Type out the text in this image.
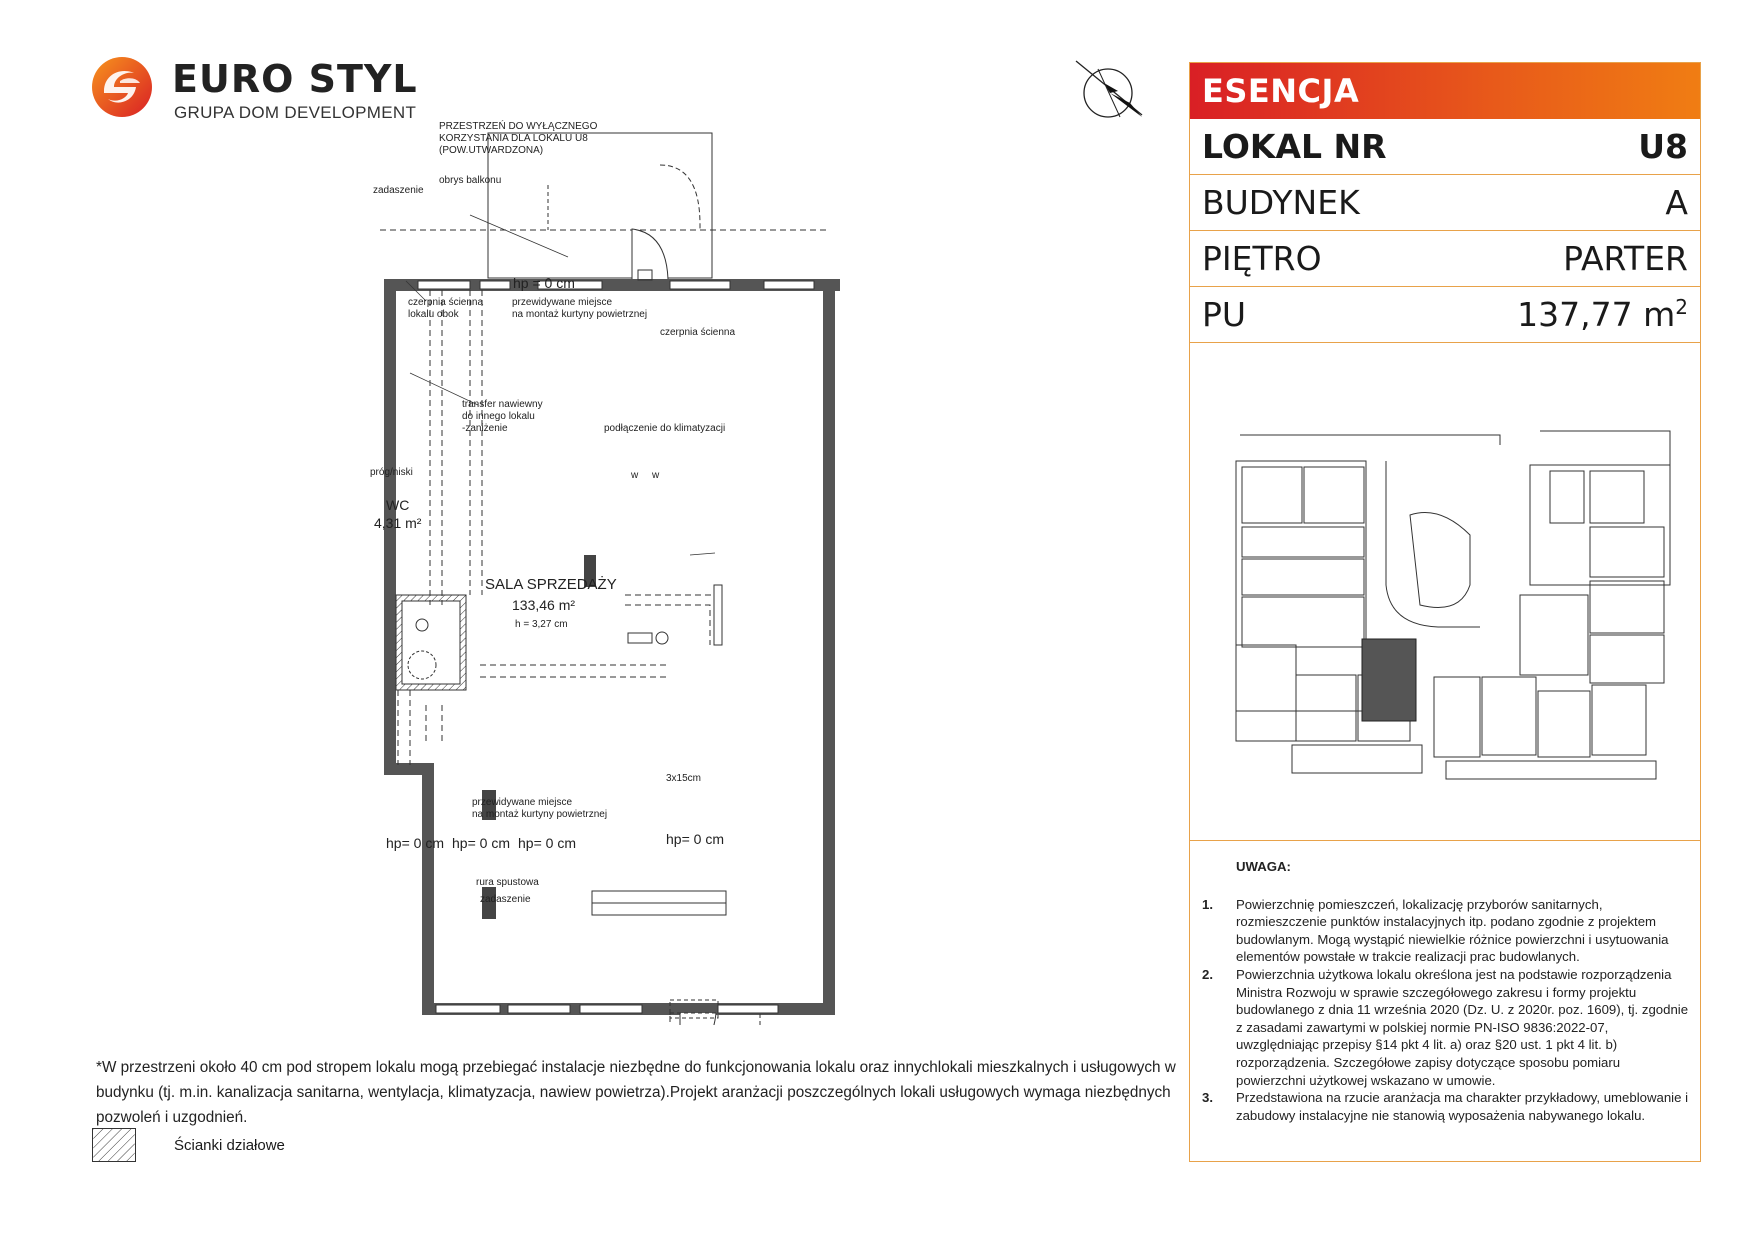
EURO STYL
GRUPA DOM DEVELOPMENT
PRZESTRZEŃ DO WYŁĄCZNEGO
KORZYSTANIA DLA LOKALU U8
(POW.UTWARDZONA)
obrys balkonu
zadaszenie
hp = 0 cm
przewidywane miejsce
na montaż kurtyny powietrznej
czerpnia ścienna
lokalu obok
czerpnia ścienna
transfer nawiewny
do innego lokalu
-zaniżenie	podłączenie do klimatyzacji
próg/niski
WC
4,31 m²
w w
SALA SPRZEDAŻY
133,46 m²
h = 3,27 cm
3x15cm
przewidywane miejsce
na montaż kurtyny powietrznej
hp= 0 cm hp= 0 cm hp= 0 cm	hp= 0 cm
rura spustowa
zadaszenie
ESENCJA
LOKAL NR	U8
BUDYNEK	A
PIĘTRO	PARTER
PU	137,77 $m^2$
UWAGA:
1. Powierzchnię pomieszczeń, lokalizację przyborów sanitarnych, rozmieszczenie punktów instalacyjnych itp. podano zgodnie z projektem budowlanym. Mogą wystąpić niewielkie różnice powierzchni i usytuowania elementów powstałe w trakcie realizacji prac budowlanych.
2. Powierzchnia użytkowa lokalu określona jest na podstawie rozporządzenia Ministra Rozwoju w sprawie szczegółowego zakresu i formy projektu budowlanego z dnia 11 września 2020 (Dz. U. z 2020r. poz. 1609), tj. zgodnie z zasadami zawartymi w polskiej normie PN-ISO 9836:2022-07, uwzględniając przepisy §14 pkt 4 lit. a) oraz §20 ust. 1 pkt 4 lit. b) rozporządzenia. Szczegółowe zapisy dotyczące sposobu pomiaru powierzchni użytkowej wskazano w umowie.
3. Przedstawiona na rzucie aranżacja ma charakter przykładowy, umeblowanie i zabudowy instalacyjne nie stanowią wyposażenia nabywanego lokalu.
*W przestrzeni około 40 cm pod stropem lokalu mogą przebiegać instalacje niezbędne do funkcjonowania lokalu oraz innychlokali mieszkalnych i usługowych w budynku (tj. m.in. kanalizacja sanitarna, wentylacja, klimatyzacja, nawiew powietrza).Projekt aranżacji poszczególnych lokali usługowych wymaga niezbędnych pozwoleń i uzgodnień.
Ścianki działowe
